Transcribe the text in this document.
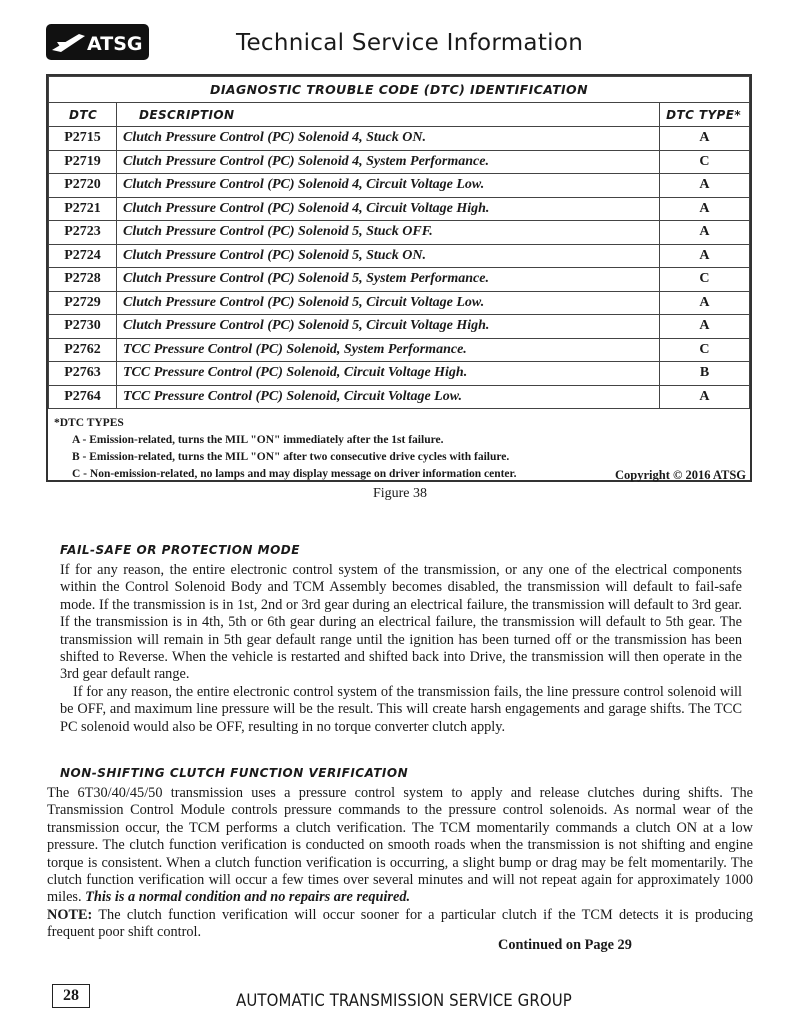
ATSG	Technical Service Information
DIAGNOSTIC TROUBLE CODE (DTC) IDENTIFICATION		
DTC	DESCRIPTION	DTC TYPE*
P2715	Clutch Pressure Control (PC) Solenoid 4, Stuck ON.	A
P2719	Clutch Pressure Control (PC) Solenoid 4, System Performance.	C
P2720	Clutch Pressure Control (PC) Solenoid 4, Circuit Voltage Low.	A
P2721	Clutch Pressure Control (PC) Solenoid 4, Circuit Voltage High.	A
P2723	Clutch Pressure Control (PC) Solenoid 5, Stuck OFF.	A
P2724	Clutch Pressure Control (PC) Solenoid 5, Stuck ON.	A
P2728	Clutch Pressure Control (PC) Solenoid 5, System Performance.	C
P2729	Clutch Pressure Control (PC) Solenoid 5, Circuit Voltage Low.	A
P2730	Clutch Pressure Control (PC) Solenoid 5, Circuit Voltage High.	A
P2762	TCC Pressure Control (PC) Solenoid, System Performance.	C
P2763	TCC Pressure Control (PC) Solenoid, Circuit Voltage High.	B
P2764	TCC Pressure Control (PC) Solenoid, Circuit Voltage Low.	A
*DTC TYPES
A - Emission-related, turns the MIL "ON" immediately after the 1st failure.
B - Emission-related, turns the MIL "ON" after two consecutive drive cycles with failure.
C - Non-emission-related, no lamps and may display message on driver information center.	Copyright © 2016 ATSG
Figure 38
FAIL-SAFE OR PROTECTION MODE

If for any reason, the entire electronic control system of the transmission, or any one of the electrical components within the Control Solenoid Body and TCM Assembly becomes disabled, the transmission will default to fail-safe mode. If the transmission is in 1st, 2nd or 3rd gear during an electrical failure, the transmission will default to 3rd gear. If the transmission is in 4th, 5th or 6th gear during an electrical failure, the transmission will default to 5th gear. The transmission will remain in 5th gear default range until the ignition has been turned off or the transmission has been shifted to Reverse. When the vehicle is restarted and shifted back into Drive, the transmission will then operate in the 3rd gear default range.

If for any reason, the entire electronic control system of the transmission fails, the line pressure control solenoid will be OFF, and maximum line pressure will be the result. This will create harsh engagements and garage shifts. The TCC PC solenoid would also be OFF, resulting in no torque converter clutch apply.

NON-SHIFTING CLUTCH FUNCTION VERIFICATION

The 6T30/40/45/50 transmission uses a pressure control system to apply and release clutches during shifts. The Transmission Control Module controls pressure commands to the pressure control solenoids. As normal wear of the transmission occur, the TCM performs a clutch verification. The TCM momentarily commands a clutch ON at a low pressure. The clutch function verification is conducted on smooth roads when the transmission is not shifting and engine torque is consistent. When a clutch function verification is occurring, a slight bump or drag may be felt momentarily. The clutch function verification will occur a few times over several minutes and will not repeat again for approximately 1000 miles. This is a normal condition and no repairs are required.
NOTE: The clutch function verification will occur sooner for a particular clutch if the TCM detects it is producing frequent poor shift control.

Continued on Page 29
28	AUTOMATIC TRANSMISSION SERVICE GROUP
